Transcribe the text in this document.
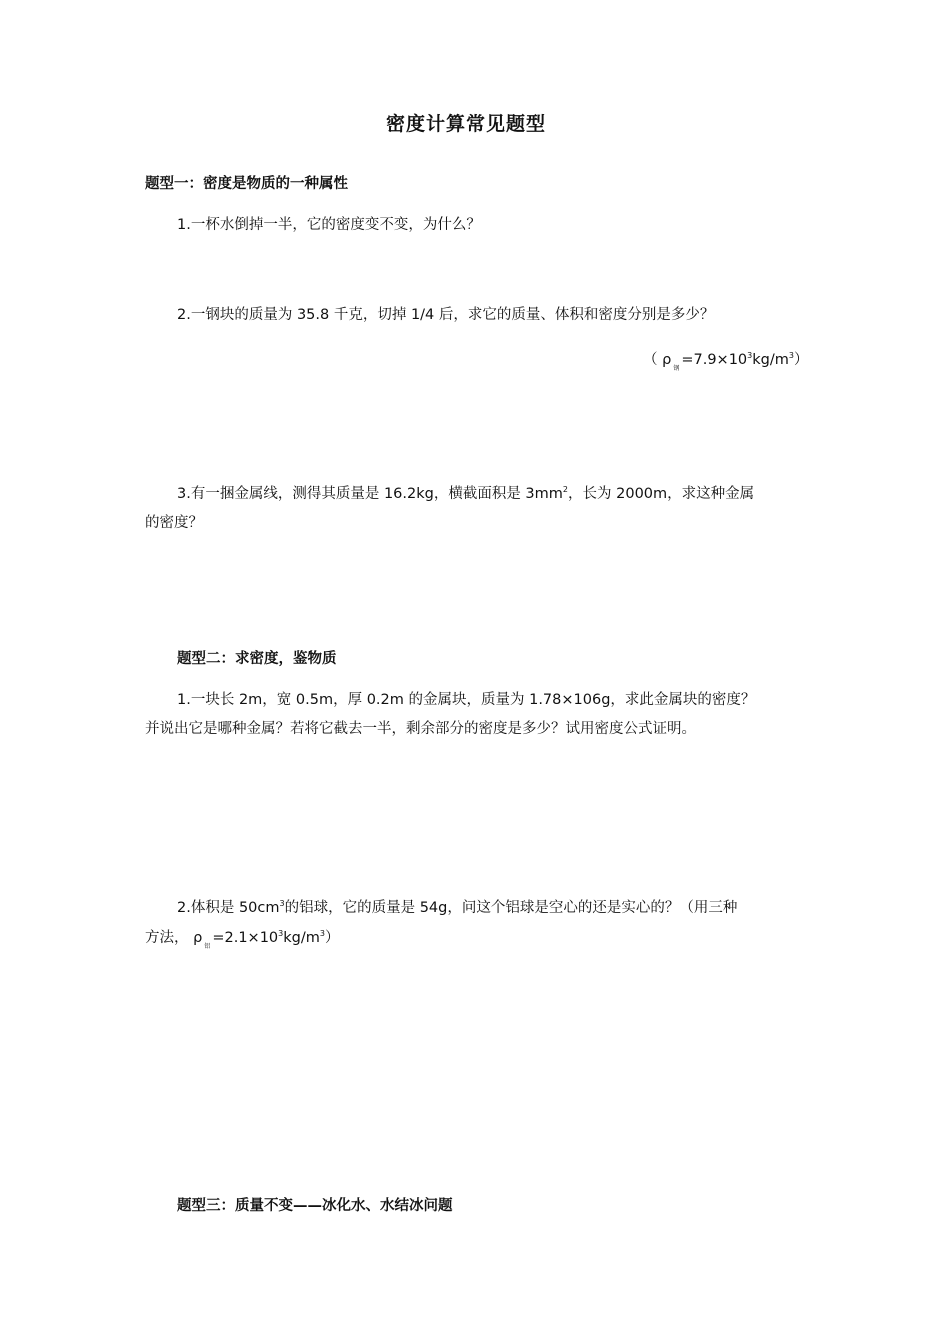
密度计算常见题型
题型一：密度是物质的一种属性
1.一杯水倒掉一半，它的密度变不变，为什么？
2.一钢块的质量为 35.8 千克，切掉 1/4 后，求它的质量、体积和密度分别是多少？
（ $\rho_钢=7.9\times 10^3kg/m^3$）
3.有一捆金属线，测得其质量是 16.2kg，横截面积是 $3mm^2$，长为 2000m，求这种金属
的密度？
题型二：求密度，鉴物质
1.一块长 2m，宽 0.5m，厚 0.2m 的金属块，质量为 1.78×106g，求此金属块的密度？
并说出它是哪种金属？若将它截去一半，剩余部分的密度是多少？试用密度公式证明。
2.体积是 $50cm^3$的铝球，它的质量是 54g，问这个铝球是空心的还是实心的？（用三种
方法， $\rho_铝=2.1\times 10^3kg/m^3$）
题型三：质量不变——冰化水、水结冰问题
